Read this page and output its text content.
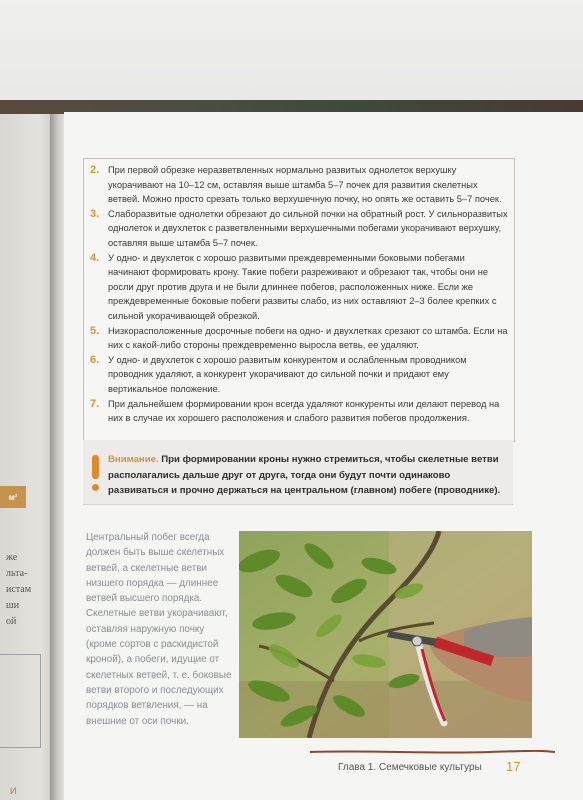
м²
же
льта-
истам
ши
ой
И
2. При первой обрезке неразветвленных нормально развитых однолеток верхушку укорачивают на 10–12 см, оставляя выше штамба 5–7 почек для развития скелетных ветвей. Можно просто срезать только верхушечную почку, но опять же оставить 5–7 почек.
3. Слаборазвитые однолетки обрезают до сильной почки на обратный рост. У сильноразвитых однолеток и двухлеток с разветвленными верхушечными побегами укорачивают верхушку, оставляя выше штамба 5–7 почек.
4. У одно- и двухлеток с хорошо развитыми преждевременными боковыми побегами начинают формировать крону. Такие побеги разреживают и обрезают так, чтобы они не росли друг против друга и не были длиннее побегов, расположенных ниже. Если же преждевременные боковые побеги развиты слабо, из них оставляют 2–3 более крепких с сильной укорачивающей обрезкой.
5. Низкорасположенные досрочные побеги на одно- и двухлетках срезают со штамба. Если на них с какой-либо стороны преждевременно выросла ветвь, ее удаляют.
6. У одно- и двухлеток с хорошо развитым конкурентом и ослабленным проводником проводник удаляют, а конкурент укорачивают до сильной почки и придают ему вертикальное положение.
7. При дальнейшем формировании крон всегда удаляют конкуренты или делают перевод на них в случае их хорошего расположения и слабого развития побегов продолжения.

Внимание. При формировании кроны нужно стремиться, чтобы скелетные ветви располагались дальше друг от друга, тогда они будут почти одинаково развиваться и прочно держаться на центральном (главном) побеге (проводнике).

Центральный побег всегда должен быть выше скелетных ветвей, а скелетные ветви низшего порядка — длиннее ветвей высшего порядка. Скелетные ветви укорачивают, оставляя наружную почку (кроме сортов с раскидистой кроной), а побеги, идущие от скелетных ветвей, т. е. боковые ветви второго и последующих порядков ветвления, — на внешние от оси почки.

Глава 1. Семечковые культуры 17
